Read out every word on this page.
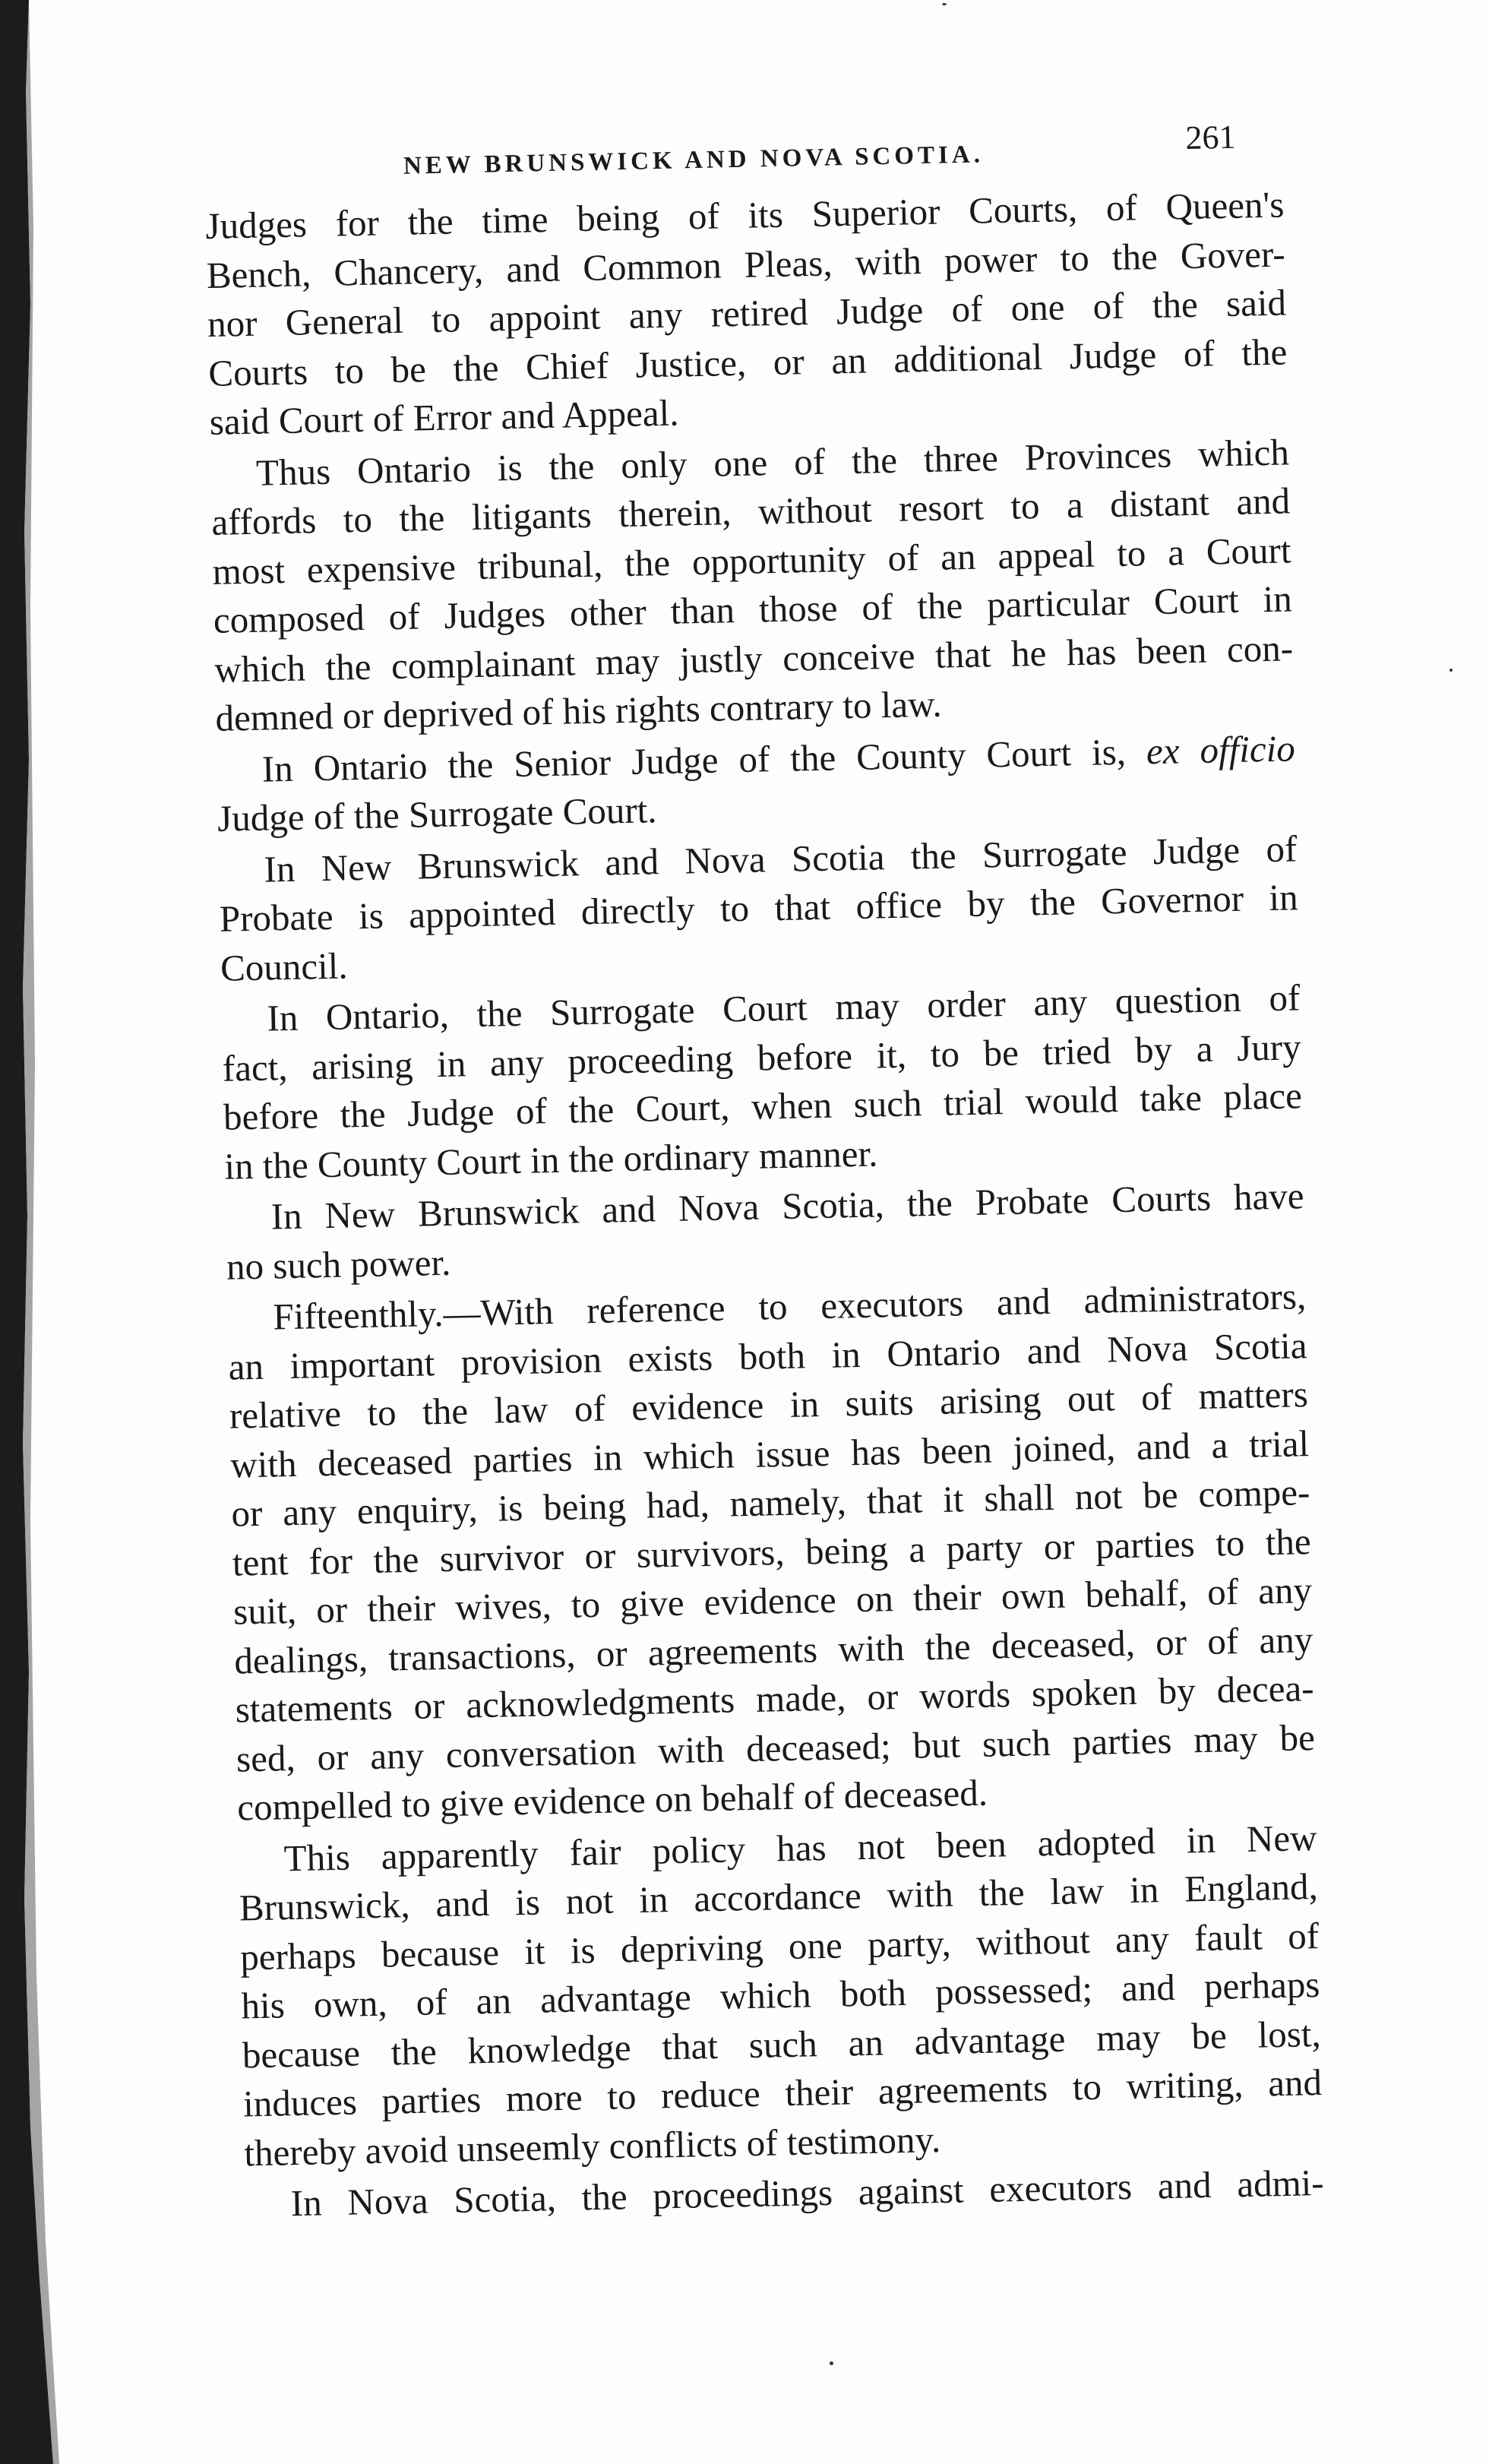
NEW BRUNSWICK AND NOVA SCOTIA.
261
Judges for the time being of its Superior Courts, of Queen's
Bench, Chancery, and Common Pleas, with power to the Gover-
nor General to appoint any retired Judge of one of the said
Courts to be the Chief Justice, or an additional Judge of the
said Court of Error and Appeal.
Thus Ontario is the only one of the three Provinces which
affords to the litigants therein, without resort to a distant and
most expensive tribunal, the opportunity of an appeal to a Court
composed of Judges other than those of the particular Court in
which the complainant may justly conceive that he has been con-
demned or deprived of his rights contrary to law.
In Ontario the Senior Judge of the County Court is, ex officio
Judge of the Surrogate Court.
In New Brunswick and Nova Scotia the Surrogate Judge of
Probate is appointed directly to that office by the Governor in
Council.
In Ontario, the Surrogate Court may order any question of
fact, arising in any proceeding before it, to be tried by a Jury
before the Judge of the Court, when such trial would take place
in the County Court in the ordinary manner.
In New Brunswick and Nova Scotia, the Probate Courts have
no such power.
Fifteenthly.—With reference to executors and administrators,
an important provision exists both in Ontario and Nova Scotia
relative to the law of evidence in suits arising out of matters
with deceased parties in which issue has been joined, and a trial
or any enquiry, is being had, namely, that it shall not be compe-
tent for the survivor or survivors, being a party or parties to the
suit, or their wives, to give evidence on their own behalf, of any
dealings, transactions, or agreements with the deceased, or of any
statements or acknowledgments made, or words spoken by decea-
sed, or any conversation with deceased; but such parties may be
compelled to give evidence on behalf of deceased.
This apparently fair policy has not been adopted in New
Brunswick, and is not in accordance with the law in England,
perhaps because it is depriving one party, without any fault of
his own, of an advantage which both possessed; and perhaps
because the knowledge that such an advantage may be lost,
induces parties more to reduce their agreements to writing, and
thereby avoid unseemly conflicts of testimony.
In Nova Scotia, the proceedings against executors and admi-
